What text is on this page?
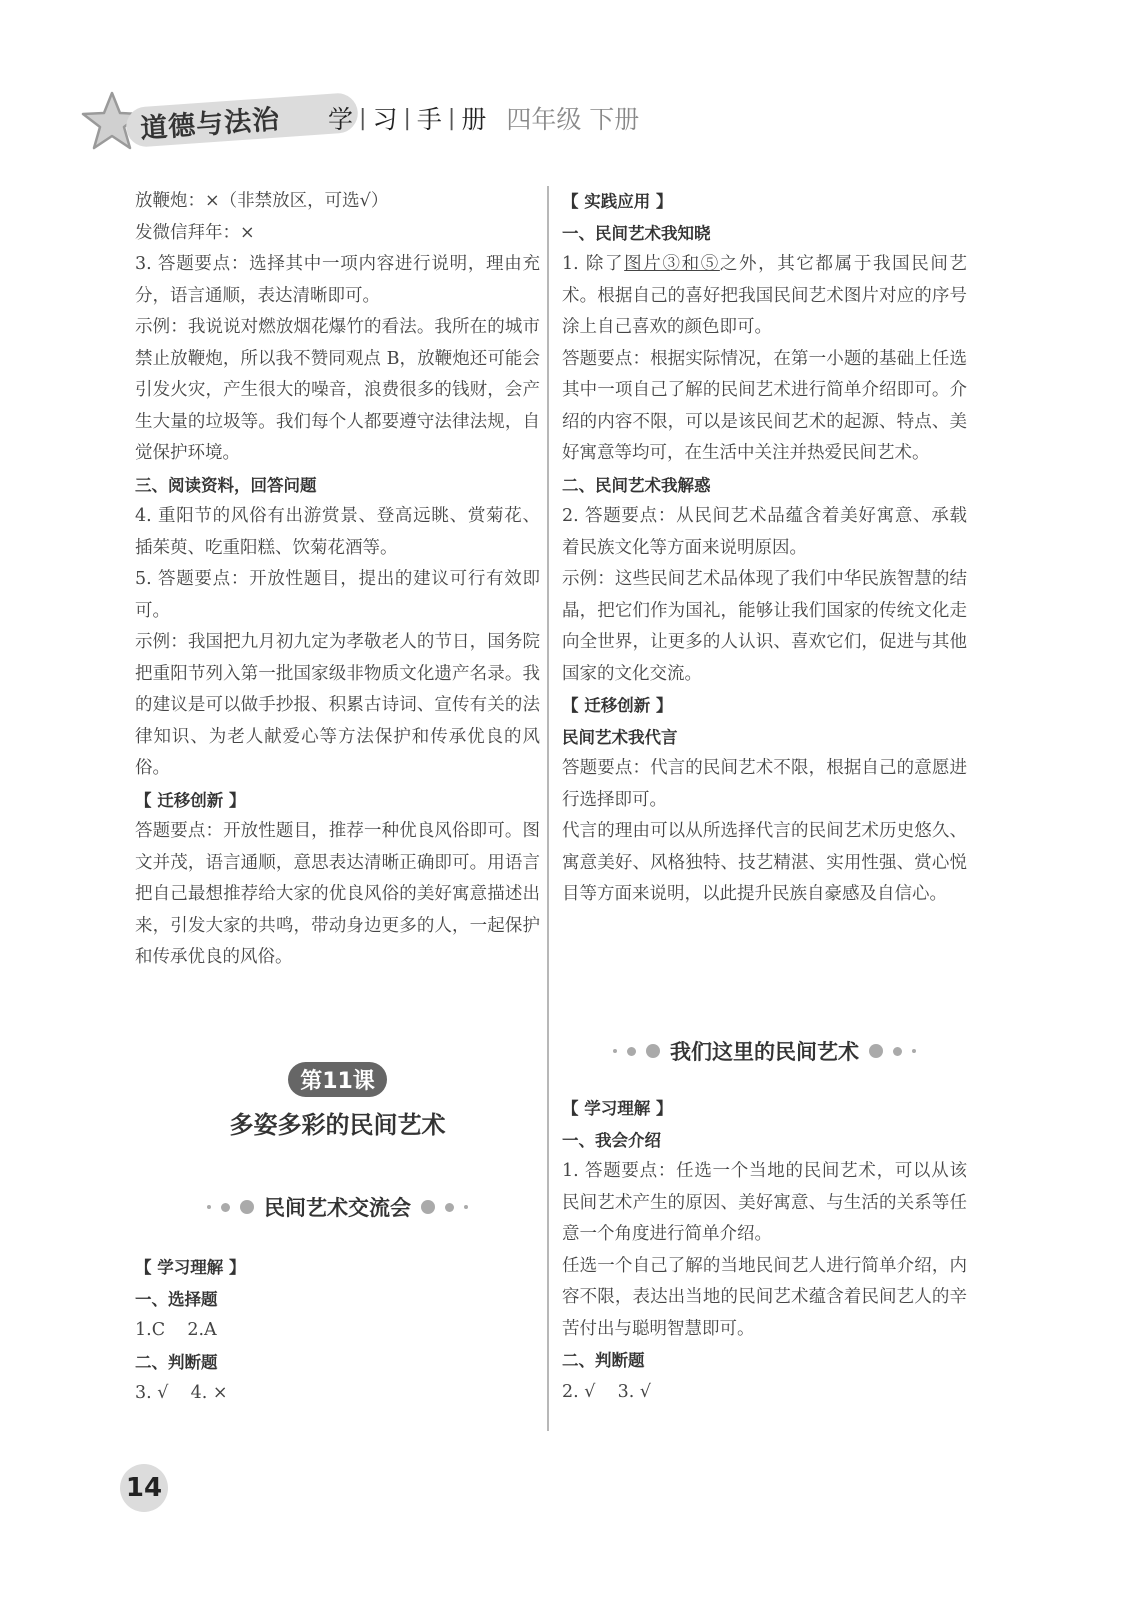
道德与法治 学 | 习 | 手 | 册 四年级 下册

放鞭炮：×（非禁放区，可选√）

发微信拜年：×

3. 答题要点：选择其中一项内容进行说明，理由充分，语言通顺，表达清晰即可。

示例：我说说对燃放烟花爆竹的看法。我所在的城市禁止放鞭炮，所以我不赞同观点 B，放鞭炮还可能会引发火灾，产生很大的噪音，浪费很多的钱财，会产生大量的垃圾等。我们每个人都要遵守法律法规，自觉保护环境。

三、阅读资料，回答问题

4. 重阳节的风俗有出游赏景、登高远眺、赏菊花、插茱萸、吃重阳糕、饮菊花酒等。

5. 答题要点：开放性题目，提出的建议可行有效即可。

示例：我国把九月初九定为孝敬老人的节日，国务院把重阳节列入第一批国家级非物质文化遗产名录。我的建议是可以做手抄报、积累古诗词、宣传有关的法律知识、为老人献爱心等方法保护和传承优良的风俗。

【 迁移创新 】

答题要点：开放性题目，推荐一种优良风俗即可。图文并茂，语言通顺，意思表达清晰正确即可。用语言把自己最想推荐给大家的优良风俗的美好寓意描述出来，引发大家的共鸣，带动身边更多的人，一起保护和传承优良的风俗。

第11课
多姿多彩的民间艺术
民间艺术交流会

【 学习理解 】

一、选择题

1.C    2.A

二、判断题

3. √    4. ×

【 实践应用 】

一、民间艺术我知晓

1. 除了图片③和⑤之外，其它都属于我国民间艺术。根据自己的喜好把我国民间艺术图片对应的序号涂上自己喜欢的颜色即可。

答题要点：根据实际情况，在第一小题的基础上任选其中一项自己了解的民间艺术进行简单介绍即可。介绍的内容不限，可以是该民间艺术的起源、特点、美好寓意等均可，在生活中关注并热爱民间艺术。

二、民间艺术我解惑

2. 答题要点：从民间艺术品蕴含着美好寓意、承载着民族文化等方面来说明原因。

示例：这些民间艺术品体现了我们中华民族智慧的结晶，把它们作为国礼，能够让我们国家的传统文化走向全世界，让更多的人认识、喜欢它们，促进与其他国家的文化交流。

【 迁移创新 】

民间艺术我代言

答题要点：代言的民间艺术不限，根据自己的意愿进行选择即可。

代言的理由可以从所选择代言的民间艺术历史悠久、寓意美好、风格独特、技艺精湛、实用性强、赏心悦目等方面来说明，以此提升民族自豪感及自信心。

我们这里的民间艺术

【 学习理解 】

一、我会介绍

1. 答题要点：任选一个当地的民间艺术，可以从该民间艺术产生的原因、美好寓意、与生活的关系等任意一个角度进行简单介绍。

任选一个自己了解的当地民间艺人进行简单介绍，内容不限，表达出当地的民间艺术蕴含着民间艺人的辛苦付出与聪明智慧即可。

二、判断题

2. √    3. √

14
